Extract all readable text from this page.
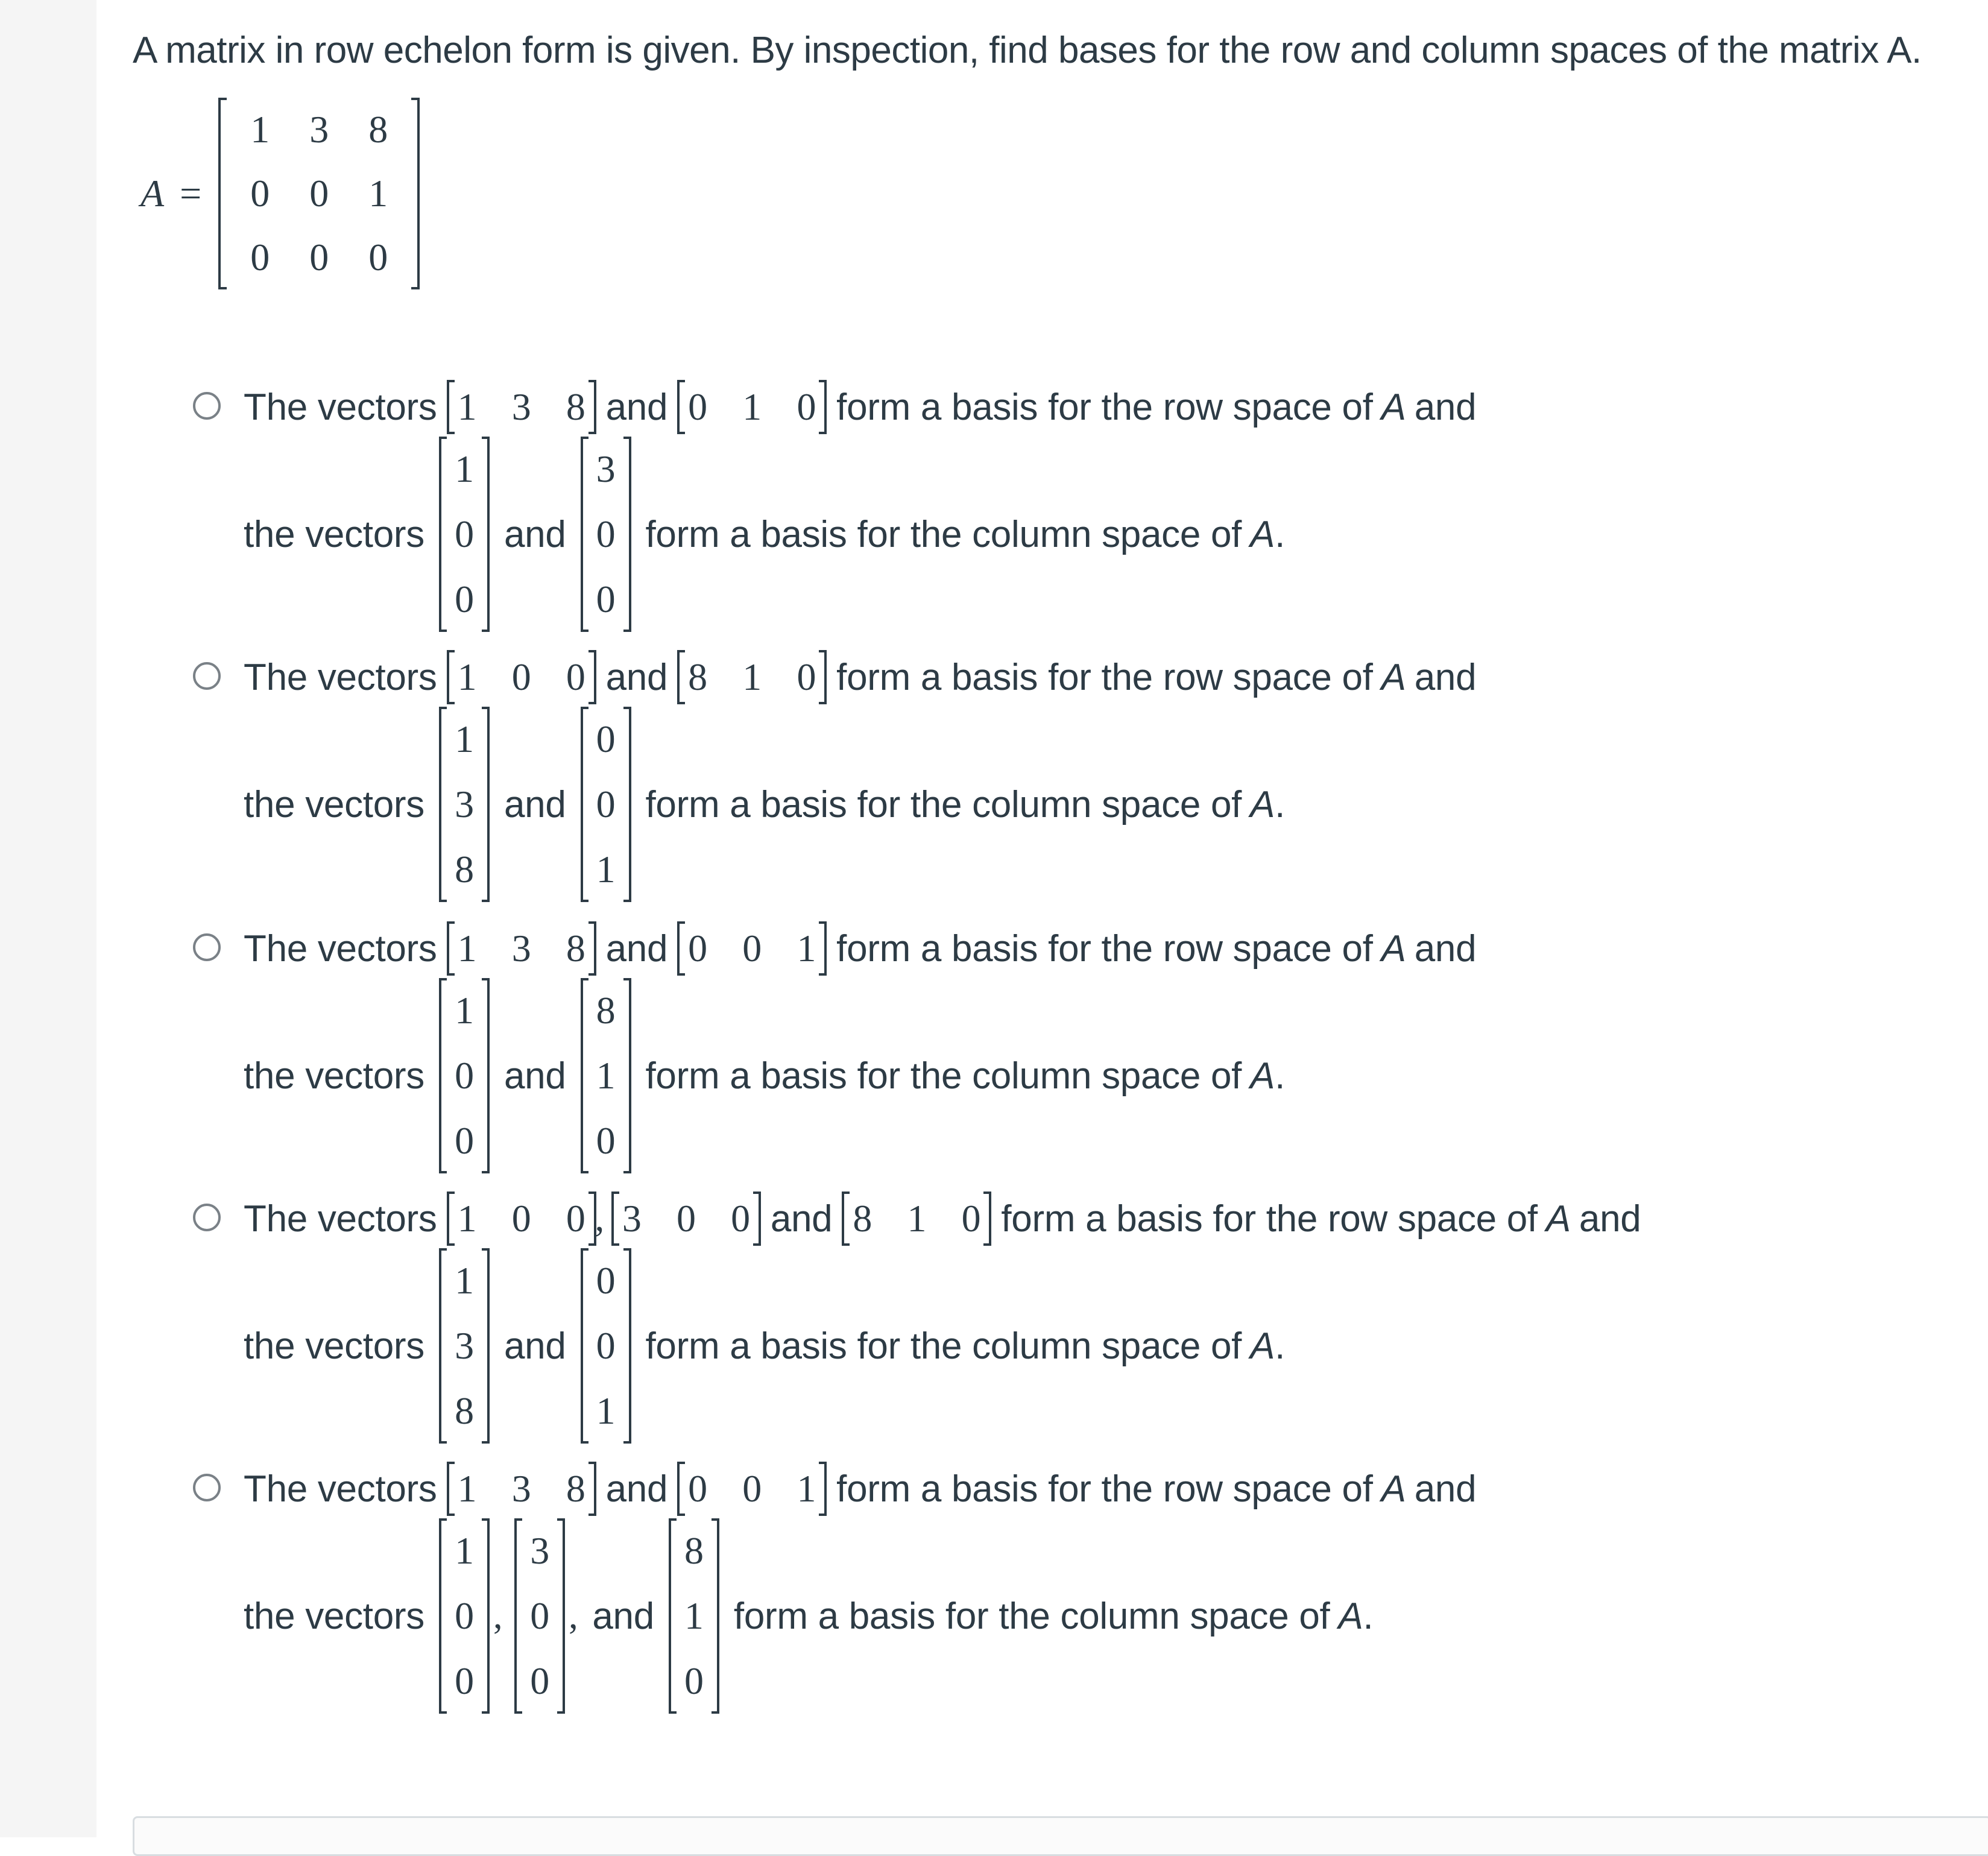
A matrix in row echelon form is given. By inspection, find bases for the row and column spaces of the matrix A.
A =
1	3	8
0	0	1
0	0	0
The vectors 1 3 8 and 0 1 0 form a basis for the row space of A and
the vectors
1
0
0
and
3
0
0
form a basis for the column space of A .
The vectors 1 0 0 and 8 1 0 form a basis for the row space of A and
the vectors
1
3
8
and
0
0
1
form a basis for the column space of A .
The vectors 1 3 8 and 0 0 1 form a basis for the row space of A and
the vectors
1
0
0
and
8
1
0
form a basis for the column space of A .
The vectors 1 0 0 , 3 0 0 and 8 1 0 form a basis for the row space of A and
the vectors
1
3
8
and
0
0
1
form a basis for the column space of A .
The vectors 1 3 8 and 0 0 1 form a basis for the row space of A and
the vectors
1
0
0
,
3
0
0
, and
8
1
0
form a basis for the column space of A .
